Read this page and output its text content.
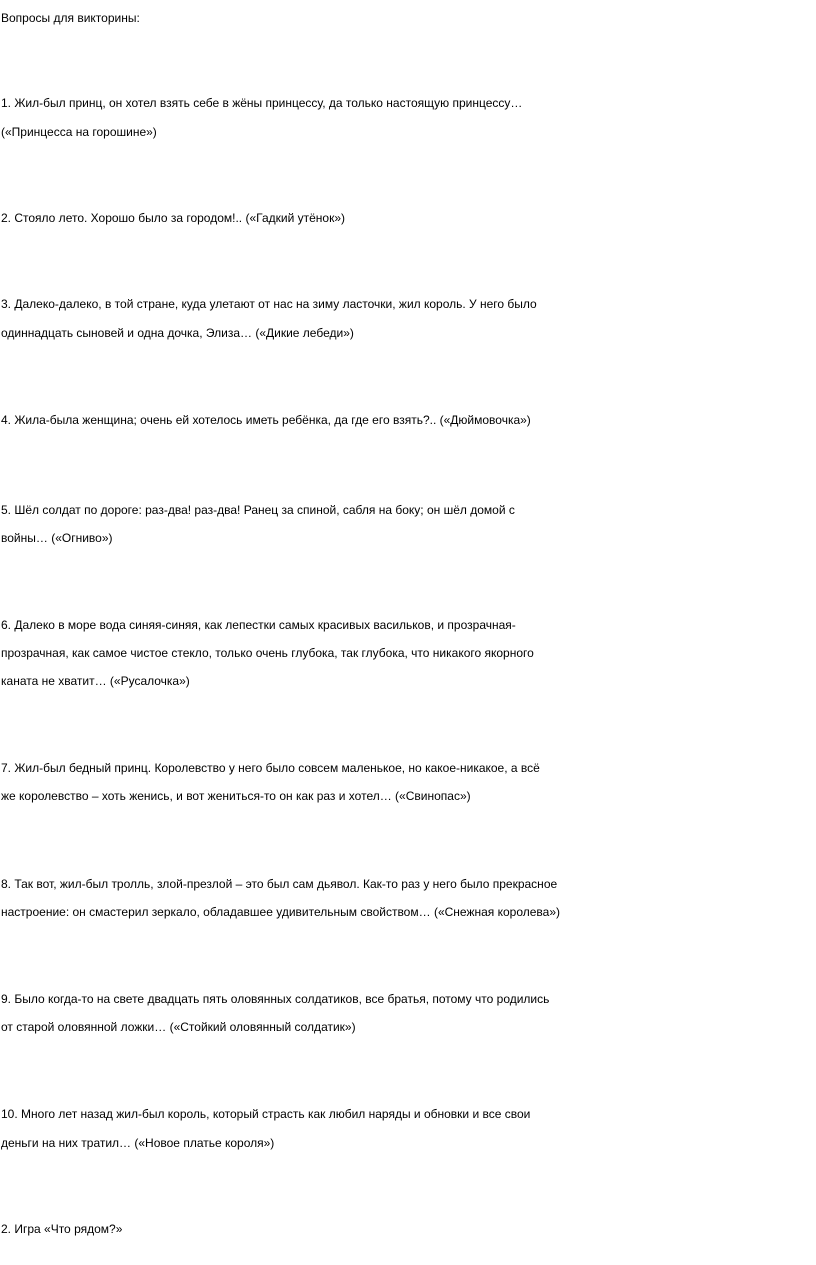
Вопросы для викторины:
1. Жил-был принц, он хотел взять себе в жёны принцессу, да только настоящую принцессу…
(«Принцесса на горошине»)
2. Стояло лето. Хорошо было за городом!.. («Гадкий утёнок»)
3. Далеко-далеко, в той стране, куда улетают от нас на зиму ласточки, жил король. У него было
одиннадцать сыновей и одна дочка, Элиза… («Дикие лебеди»)
4. Жила-была женщина; очень ей хотелось иметь ребёнка, да где его взять?.. («Дюймовочка»)
5. Шёл солдат по дороге: раз-два! раз-два! Ранец за спиной, сабля на боку; он шёл домой с
войны… («Огниво»)
6. Далеко в море вода синяя-синяя, как лепестки самых красивых васильков, и прозрачная-
прозрачная, как самое чистое стекло, только очень глубока, так глубока, что никакого якорного
каната не хватит… («Русалочка»)
7. Жил-был бедный принц. Королевство у него было совсем маленькое, но какое-никакое, а всё
же королевство – хоть женись, и вот жениться-то он как раз и хотел… («Свинопас»)
8. Так вот, жил-был тролль, злой-презлой – это был сам дьявол. Как-то раз у него было прекрасное
настроение: он смастерил зеркало, обладавшее удивительным свойством… («Снежная королева»)
9. Было когда-то на свете двадцать пять оловянных солдатиков, все братья, потому что родились
от старой оловянной ложки… («Стойкий оловянный солдатик»)
10. Много лет назад жил-был король, который страсть как любил наряды и обновки и все свои
деньги на них тратил… («Новое платье короля»)
2. Игра «Что рядом?»
